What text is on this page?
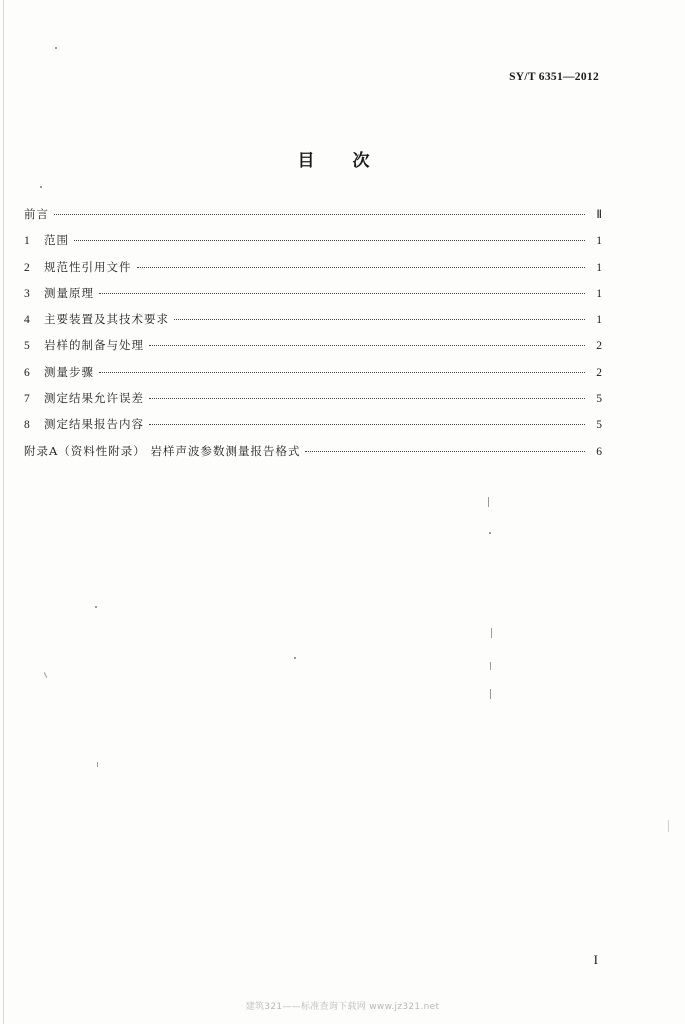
SY/T 6351—2012
目次
前言	Ⅱ
1	范围	1
2	规范性引用文件	1
3	测量原理	1
4	主要装置及其技术要求	1
5	岩样的制备与处理	2
6	测量步骤	2
7	测定结果允许误差	5
8	测定结果报告内容	5
附录A（资料性附录） 岩样声波参数测量报告格式	6
I
建筑321——标准查询下载网 www.jz321.net
